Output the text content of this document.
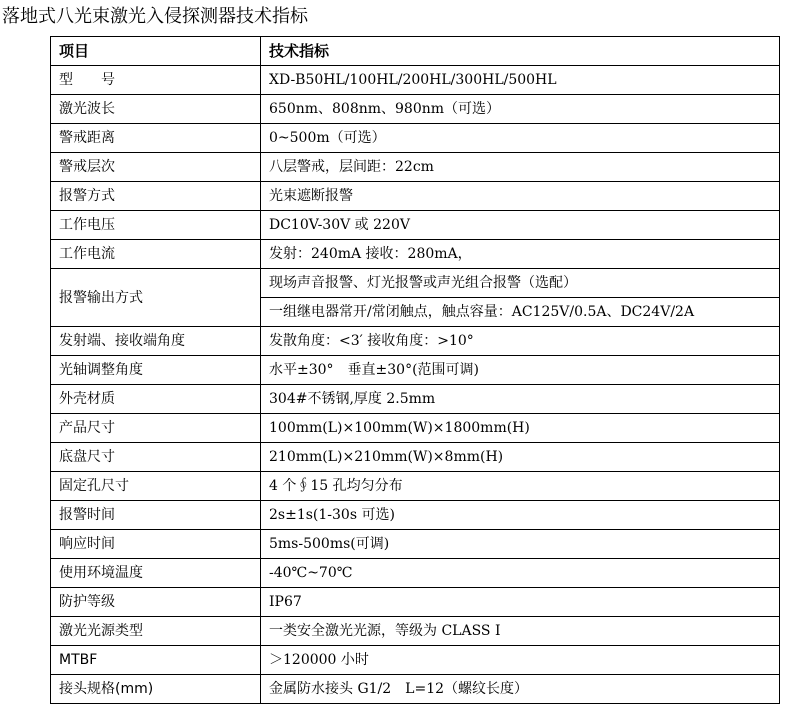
落地式八光束激光入侵探测器技术指标
项目	技术指标
型　　号	XD-B50HL/100HL/200HL/300HL/500HL
激光波长	650nm、808nm、980nm（可选）
警戒距离	0~500m（可选）
警戒层次	八层警戒，层间距：22cm
报警方式	光束遮断报警
工作电压	DC10V-30V 或 220V
工作电流	发射：240mA 接收：280mA，
报警输出方式	现场声音报警、灯光报警或声光组合报警（选配）
	一组继电器常开/常闭触点，触点容量：AC125V/0.5A、DC24V/2A
发射端、接收端角度	发散角度：<3′ 接收角度：>10°
光轴调整角度	水平±30°　垂直±30°(范围可调)
外壳材质	304#不锈钢,厚度 2.5mm
产品尺寸	100mm(L)×100mm(W)×1800mm(H)
底盘尺寸	210mm(L)×210mm(W)×8mm(H)
固定孔尺寸	4 个∮15 孔均匀分布
报警时间	2s±1s(1-30s 可选)
响应时间	5ms-500ms(可调)
使用环境温度	-40℃~70℃
防护等级	IP67
激光光源类型	一类安全激光光源，等级为 CLASS Ⅰ
MTBF	＞120000 小时
接头规格(mm)	金属防水接头 G1/2　L=12（螺纹长度）
